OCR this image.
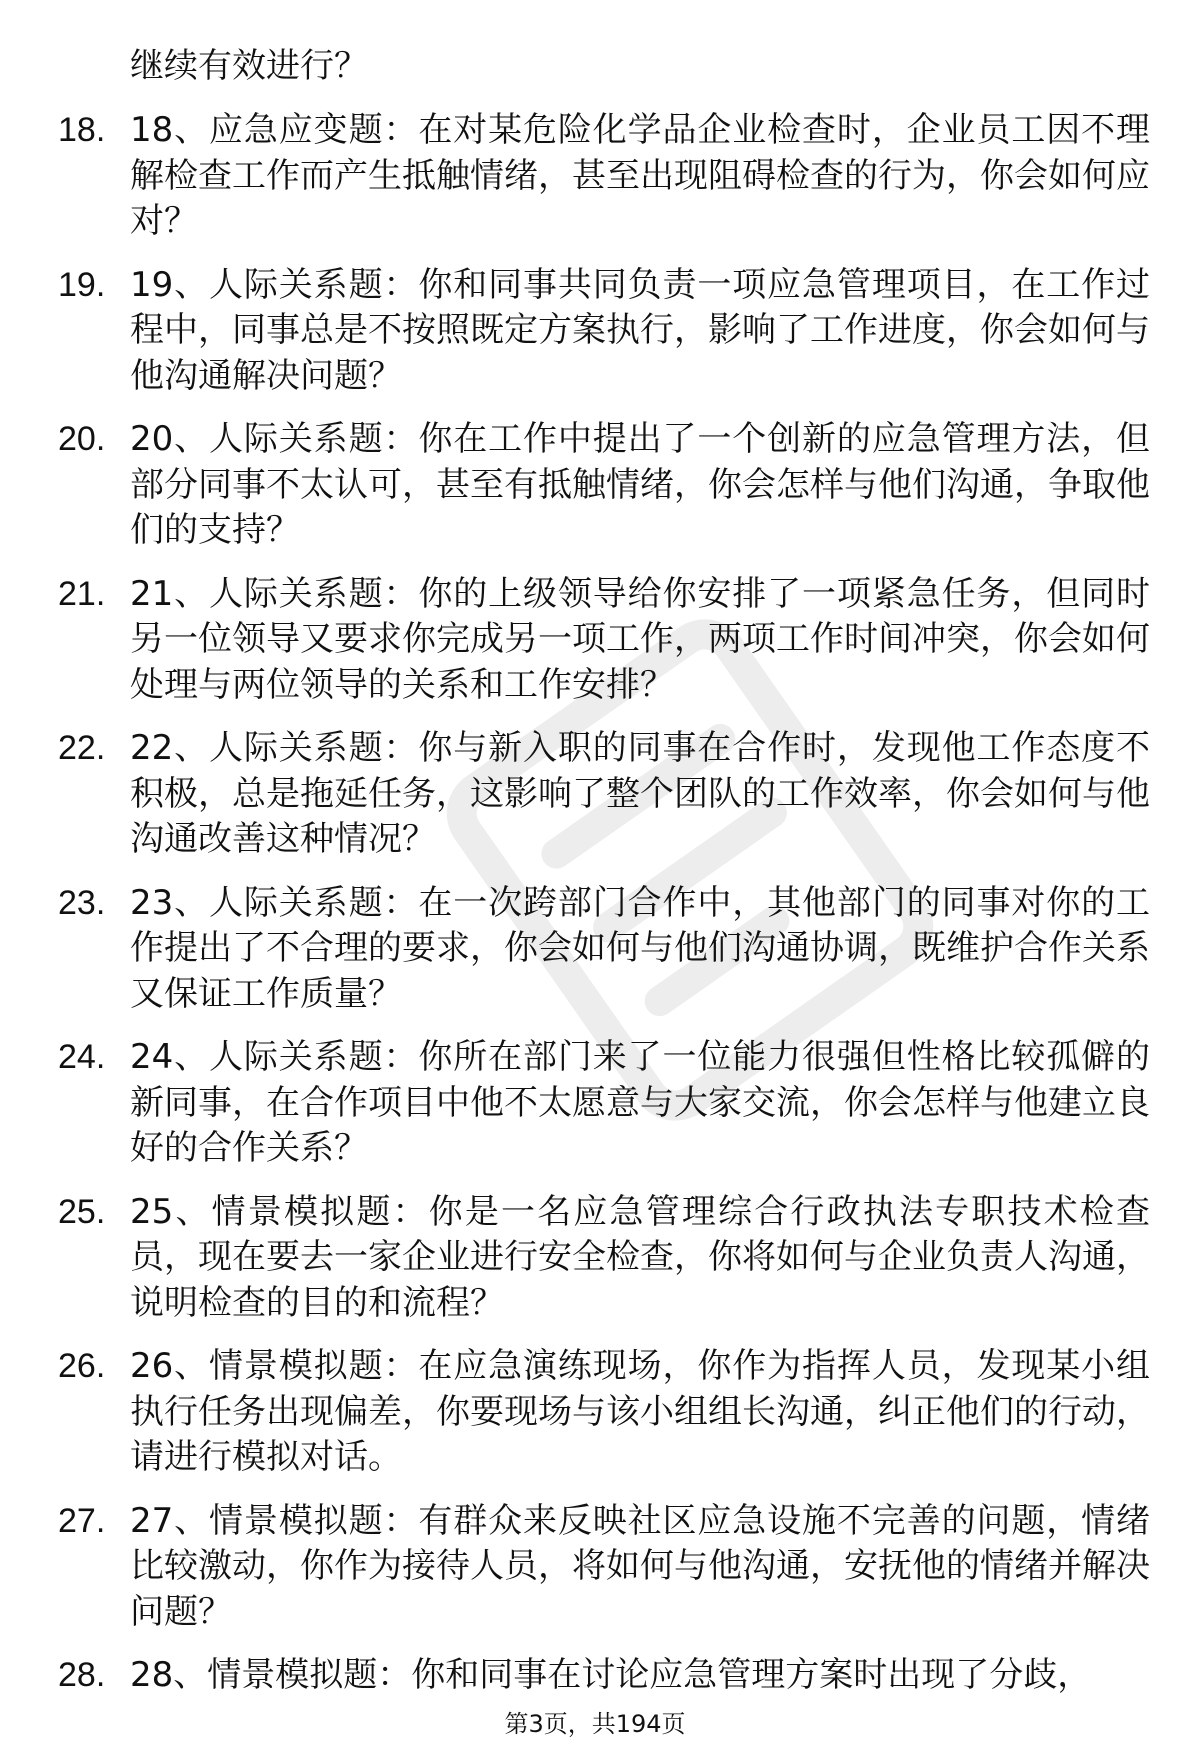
继续有效进行？

18. 18、应急应变题：在对某危险化学品企业检查时，企业员工因不理解检查工作而产生抵触情绪，甚至出现阻碍检查的行为，你会如何应对？
19. 19、人际关系题：你和同事共同负责一项应急管理项目，在工作过程中，同事总是不按照既定方案执行，影响了工作进度，你会如何与他沟通解决问题？
20. 20、人际关系题：你在工作中提出了一个创新的应急管理方法，但部分同事不太认可，甚至有抵触情绪，你会怎样与他们沟通，争取他们的支持？
21. 21、人际关系题：你的上级领导给你安排了一项紧急任务，但同时另一位领导又要求你完成另一项工作，两项工作时间冲突，你会如何处理与两位领导的关系和工作安排？
22. 22、人际关系题：你与新入职的同事在合作时，发现他工作态度不积极，总是拖延任务，这影响了整个团队的工作效率，你会如何与他沟通改善这种情况？
23. 23、人际关系题：在一次跨部门合作中，其他部门的同事对你的工作提出了不合理的要求，你会如何与他们沟通协调，既维护合作关系又保证工作质量？
24. 24、人际关系题：你所在部门来了一位能力很强但性格比较孤僻的新同事，在合作项目中他不太愿意与大家交流，你会怎样与他建立良好的合作关系？
25. 25、情景模拟题：你是一名应急管理综合行政执法专职技术检查员，现在要去一家企业进行安全检查，你将如何与企业负责人沟通，说明检查的目的和流程？
26. 26、情景模拟题：在应急演练现场，你作为指挥人员，发现某小组执行任务出现偏差，你要现场与该小组组长沟通，纠正他们的行动，请进行模拟对话。
27. 27、情景模拟题：有群众来反映社区应急设施不完善的问题，情绪比较激动，你作为接待人员，将如何与他沟通，安抚他的情绪并解决问题？
28. 28、情景模拟题：你和同事在讨论应急管理方案时出现了分歧，
第3页，共194页
